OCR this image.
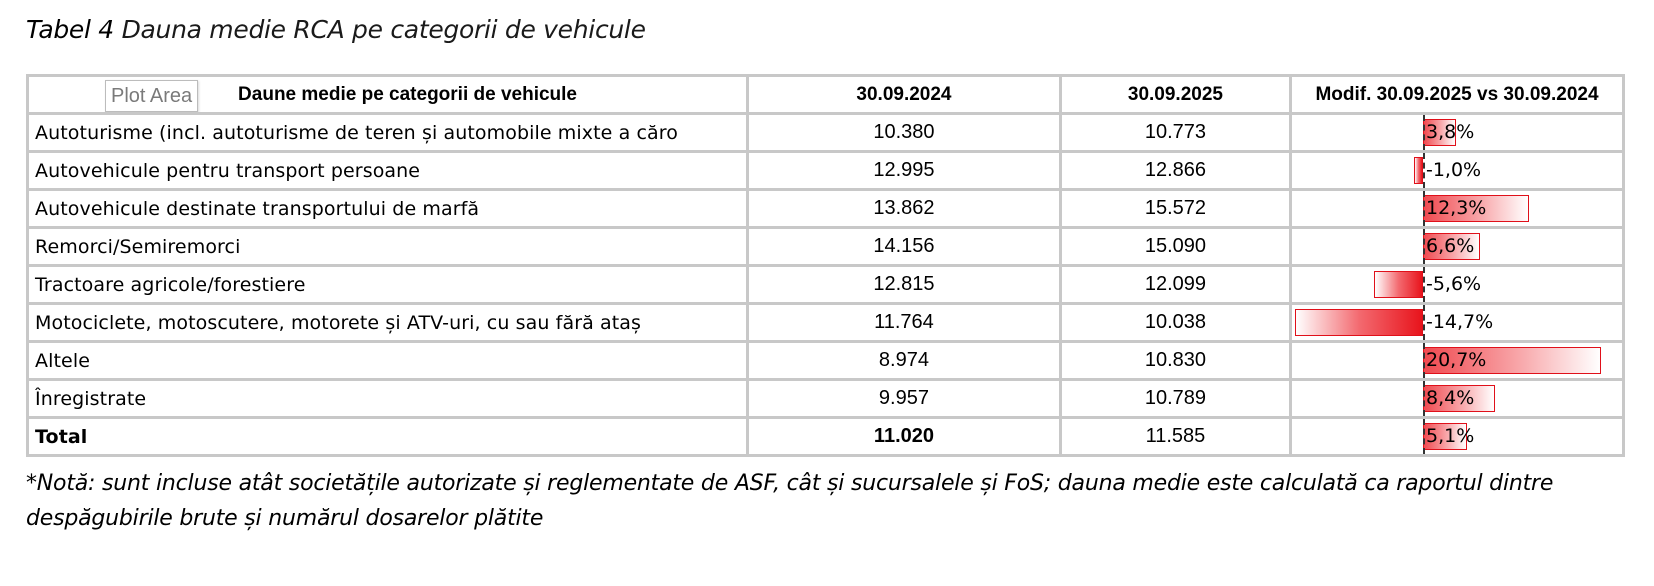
Tabel 4 Dauna medie RCA pe categorii de vehicule
Plot Area Daune medie pe categorii de vehicule	30.09.2024	30.09.2025	Modif. 30.09.2025 vs 30.09.2024
Autoturisme (incl. autoturisme de teren și automobile mixte a căro	10.380	10.773	3,8%

Autovehicule pentru transport persoane	12.995	12.866	-1,0%

Autovehicule destinate transportului de marfă	13.862	15.572	12,3%

Remorci/Semiremorci	14.156	15.090	6,6%

Tractoare agricole/forestiere	12.815	12.099	-5,6%

Motociclete, motoscutere, motorete și ATV-uri, cu sau fără ataș	11.764	10.038	-14,7%

Altele	8.974	10.830	20,7%

Înregistrate	9.957	10.789	8,4%

Total	11.020	11.585	5,1%
*Notă: sunt incluse atât societățile autorizate și reglementate de ASF, cât și sucursalele și FoS; dauna medie este calculată ca raportul dintre despăgubirile brute și numărul dosarelor plătite
